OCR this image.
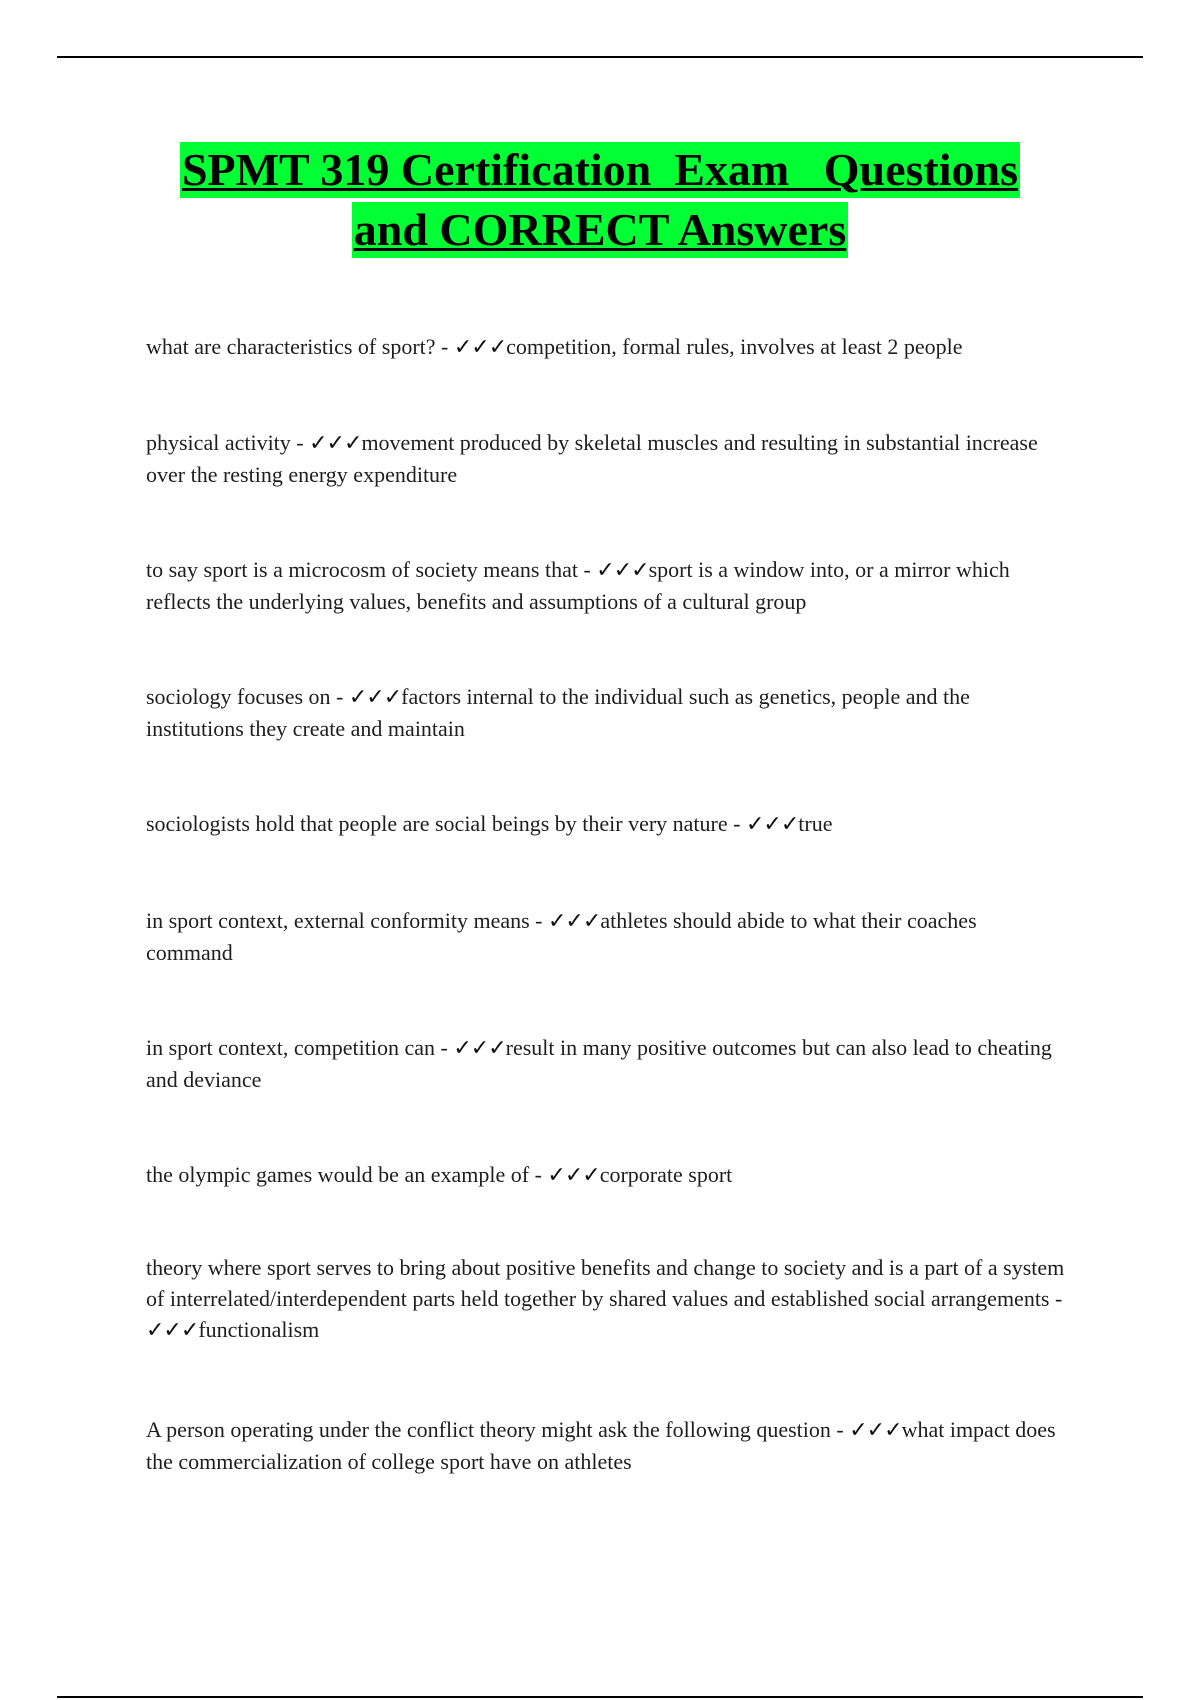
SPMT 319 Certification  Exam   Questions
and CORRECT Answers

what are characteristics of sport? - ✓✓✓competition, formal rules, involves at least 2 people

physical activity - ✓✓✓movement produced by skeletal muscles and resulting in substantial increase over the resting energy expenditure

to say sport is a microcosm of society means that - ✓✓✓sport is a window into, or a mirror which reflects the underlying values, benefits and assumptions of a cultural group

sociology focuses on - ✓✓✓factors internal to the individual such as genetics, people and the institutions they create and maintain

sociologists hold that people are social beings by their very nature - ✓✓✓true

in sport context, external conformity means - ✓✓✓athletes should abide to what their coaches command

in sport context, competition can - ✓✓✓result in many positive outcomes but can also lead to cheating and deviance

the olympic games would be an example of - ✓✓✓corporate sport

theory where sport serves to bring about positive benefits and change to society and is a part of a system of interrelated/interdependent parts held together by shared values and established social arrangements - ✓✓✓functionalism

A person operating under the conflict theory might ask the following question - ✓✓✓what impact does the commercialization of college sport have on athletes
